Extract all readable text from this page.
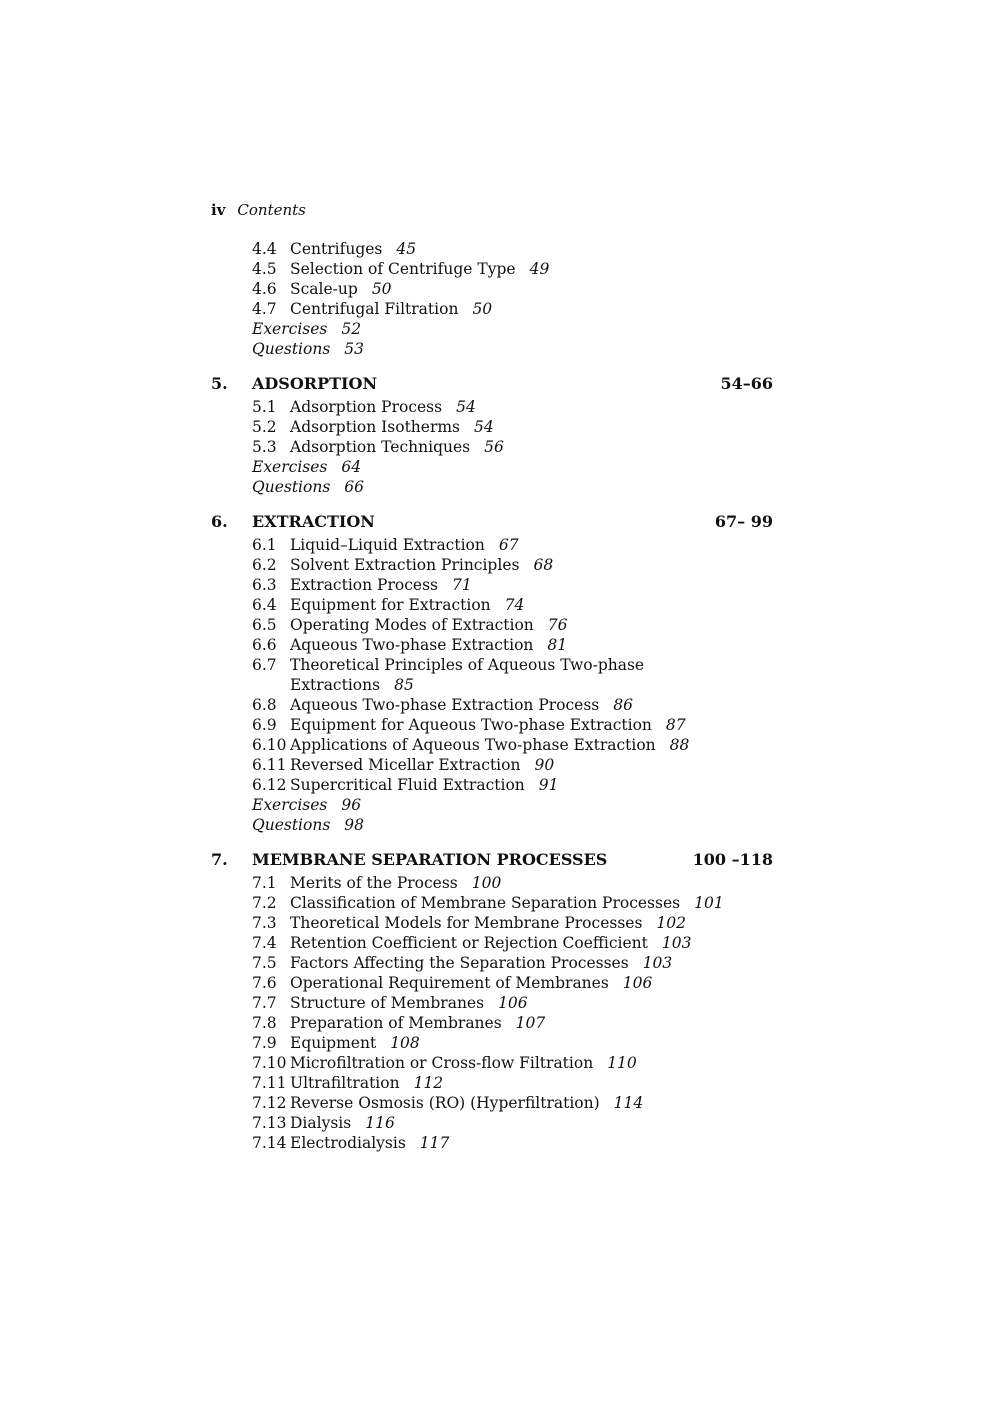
iv Contents
4.4 Centrifuges 45
4.5 Selection of Centrifuge Type 49
4.6 Scale-up 50
4.7 Centrifugal Filtration 50
Exercises 52
Questions 53
5. ADSORPTION	54–66
5.1 Adsorption Process 54
5.2 Adsorption Isotherms 54
5.3 Adsorption Techniques 56
Exercises 64
Questions 66
6. EXTRACTION	67– 99
6.1 Liquid–Liquid Extraction 67
6.2 Solvent Extraction Principles 68
6.3 Extraction Process 71
6.4 Equipment for Extraction 74
6.5 Operating Modes of Extraction 76
6.6 Aqueous Two-phase Extraction 81
6.7 Theoretical Principles of Aqueous Two-phase
Extractions 85
6.8 Aqueous Two-phase Extraction Process 86
6.9 Equipment for Aqueous Two-phase Extraction 87
6.10 Applications of Aqueous Two-phase Extraction 88
6.11 Reversed Micellar Extraction 90
6.12 Supercritical Fluid Extraction 91
Exercises 96
Questions 98
7. MEMBRANE SEPARATION PROCESSES	100 –118
7.1 Merits of the Process 100
7.2 Classification of Membrane Separation Processes 101
7.3 Theoretical Models for Membrane Processes 102
7.4 Retention Coefficient or Rejection Coefficient 103
7.5 Factors Affecting the Separation Processes 103
7.6 Operational Requirement of Membranes 106
7.7 Structure of Membranes 106
7.8 Preparation of Membranes 107
7.9 Equipment 108
7.10 Microfiltration or Cross-flow Filtration 110
7.11 Ultrafiltration 112
7.12 Reverse Osmosis (RO) (Hyperfiltration) 114
7.13 Dialysis 116
7.14 Electrodialysis 117
